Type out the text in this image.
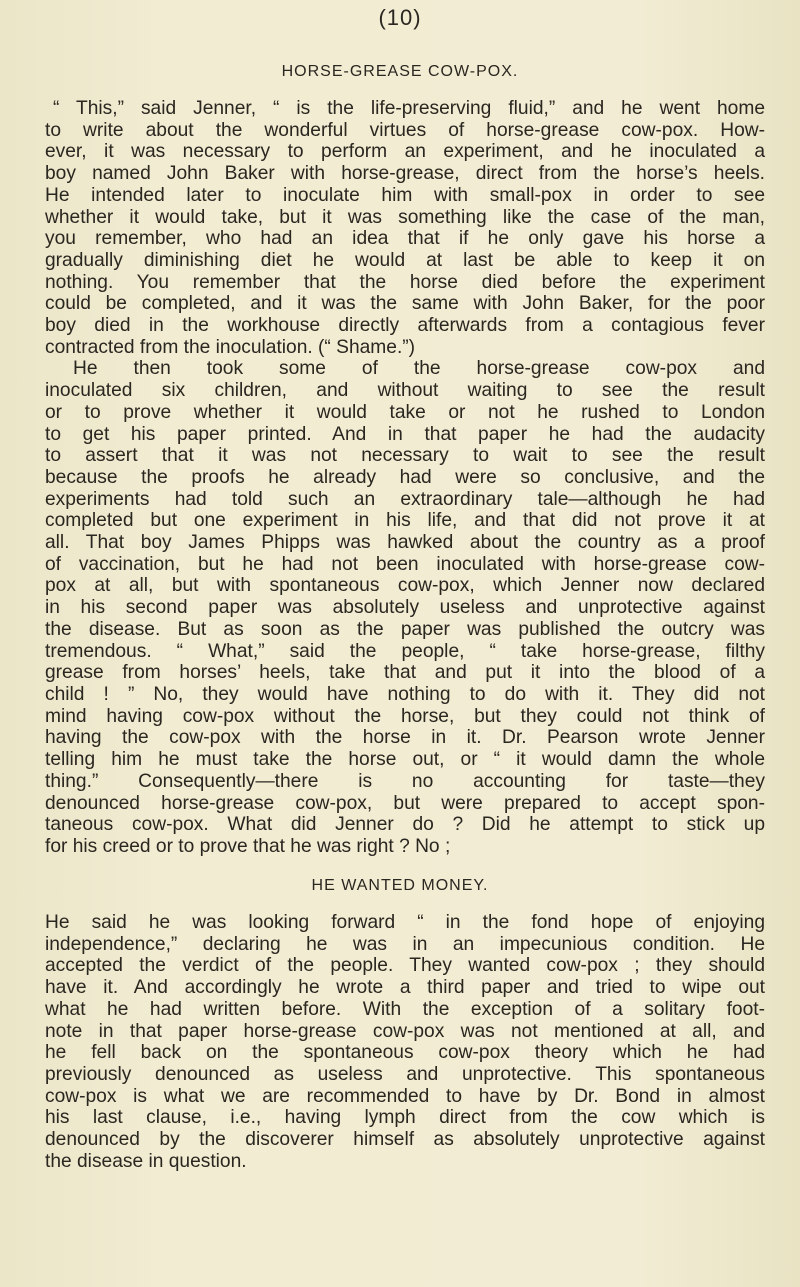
(10)
HORSE-GREASE COW-POX.
“ This,” said Jenner, “ is the life-preserving fluid,” and he went home
to write about the wonderful virtues of horse-grease cow-pox. How-
ever, it was necessary to perform an experiment, and he inoculated a
boy named John Baker with horse-grease, direct from the horse’s heels.
He intended later to inoculate him with small-pox in order to see
whether it would take, but it was something like the case of the man,
you remember, who had an idea that if he only gave his horse a
gradually diminishing diet he would at last be able to keep it on
nothing. You remember that the horse died before the experiment
could be completed, and it was the same with John Baker, for the poor
boy died in the workhouse directly afterwards from a contagious fever
contracted from the inoculation. (“ Shame.”)
He then took some of the horse-grease cow-pox and
inoculated six children, and without waiting to see the result
or to prove whether it would take or not he rushed to London
to get his paper printed. And in that paper he had the audacity
to assert that it was not necessary to wait to see the result
because the proofs he already had were so conclusive, and the
experiments had told such an extraordinary tale—although he had
completed but one experiment in his life, and that did not prove it at
all. That boy James Phipps was hawked about the country as a proof
of vaccination, but he had not been inoculated with horse-grease cow-
pox at all, but with spontaneous cow-pox, which Jenner now declared
in his second paper was absolutely useless and unprotective against
the disease. But as soon as the paper was published the outcry was
tremendous. “ What,” said the people, “ take horse-grease, filthy
grease from horses’ heels, take that and put it into the blood of a
child ! ” No, they would have nothing to do with it. They did not
mind having cow-pox without the horse, but they could not think of
having the cow-pox with the horse in it. Dr. Pearson wrote Jenner
telling him he must take the horse out, or “ it would damn the whole
thing.” Consequently—there is no accounting for taste—they
denounced horse-grease cow-pox, but were prepared to accept spon-
taneous cow-pox. What did Jenner do ? Did he attempt to stick up
for his creed or to prove that he was right ? No ;
HE WANTED MONEY.
He said he was looking forward “ in the fond hope of enjoying
independence,” declaring he was in an impecunious condition. He
accepted the verdict of the people. They wanted cow-pox ; they should
have it. And accordingly he wrote a third paper and tried to wipe out
what he had written before. With the exception of a solitary foot-
note in that paper horse-grease cow-pox was not mentioned at all, and
he fell back on the spontaneous cow-pox theory which he had
previously denounced as useless and unprotective. This spontaneous
cow-pox is what we are recommended to have by Dr. Bond in almost
his last clause, i.e., having lymph direct from the cow which is
denounced by the discoverer himself as absolutely unprotective against
the disease in question.
